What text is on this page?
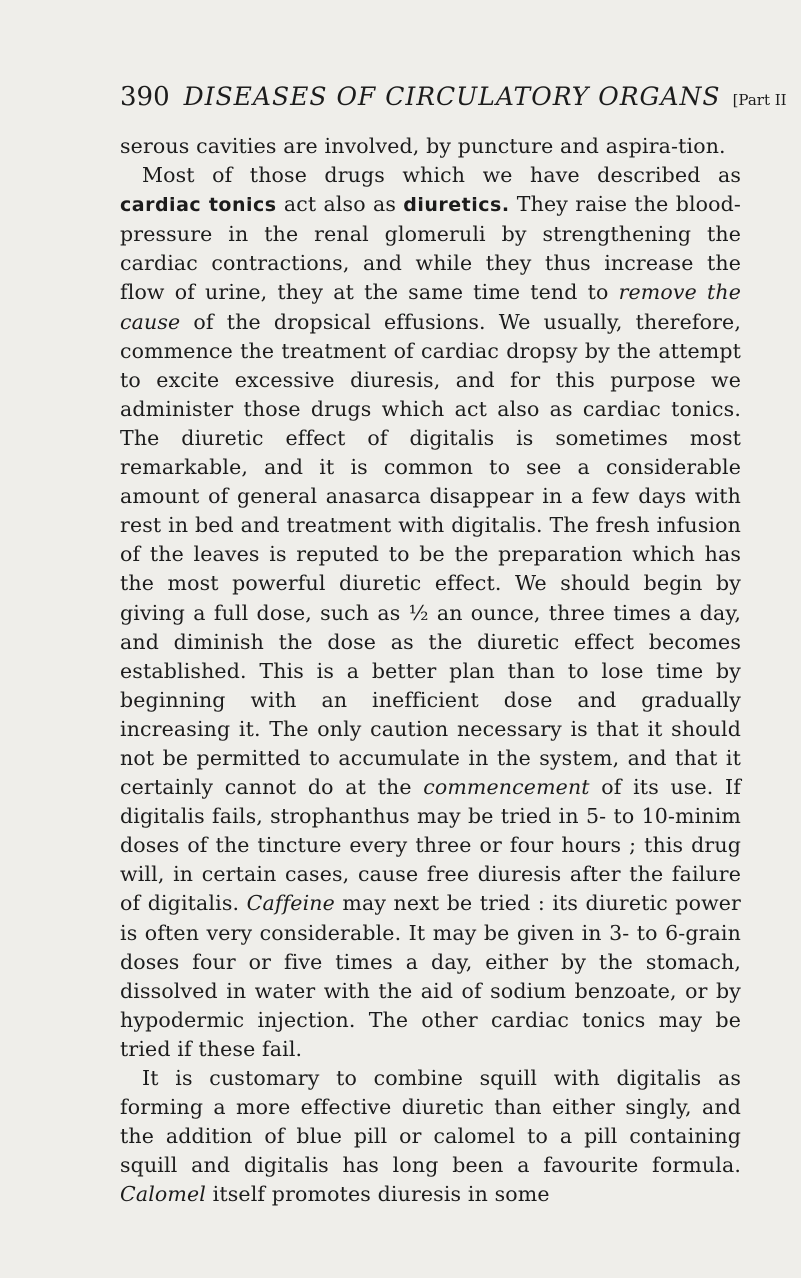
390 DISEASES OF CIRCULATORY ORGANS [Part II

serous cavities are involved, by puncture and aspira-tion.

Most of those drugs which we have described as cardiac tonics act also as diuretics. They raise the blood-pressure in the renal glomeruli by strengthening the cardiac contractions, and while they thus increase the flow of urine, they at the same time tend to remove the cause of the dropsical effusions. We usually, therefore, commence the treatment of cardiac dropsy by the attempt to excite excessive diuresis, and for this purpose we administer those drugs which act also as cardiac tonics. The diuretic effect of digitalis is sometimes most remarkable, and it is common to see a considerable amount of general anasarca disappear in a few days with rest in bed and treatment with digitalis. The fresh infusion of the leaves is reputed to be the preparation which has the most powerful diuretic effect. We should begin by giving a full dose, such as ½ an ounce, three times a day, and diminish the dose as the diuretic effect becomes established. This is a better plan than to lose time by beginning with an inefficient dose and gradually increasing it. The only caution necessary is that it should not be permitted to accumulate in the system, and that it certainly cannot do at the commencement of its use. If digitalis fails, strophanthus may be tried in 5- to 10-minim doses of the tincture every three or four hours ; this drug will, in certain cases, cause free diuresis after the failure of digitalis. Caffeine may next be tried : its diuretic power is often very considerable. It may be given in 3- to 6-grain doses four or five times a day, either by the stomach, dissolved in water with the aid of sodium benzoate, or by hypodermic injection. The other cardiac tonics may be tried if these fail.

It is customary to combine squill with digitalis as forming a more effective diuretic than either singly, and the addition of blue pill or calomel to a pill containing squill and digitalis has long been a favourite formula. Calomel itself promotes diuresis in some
